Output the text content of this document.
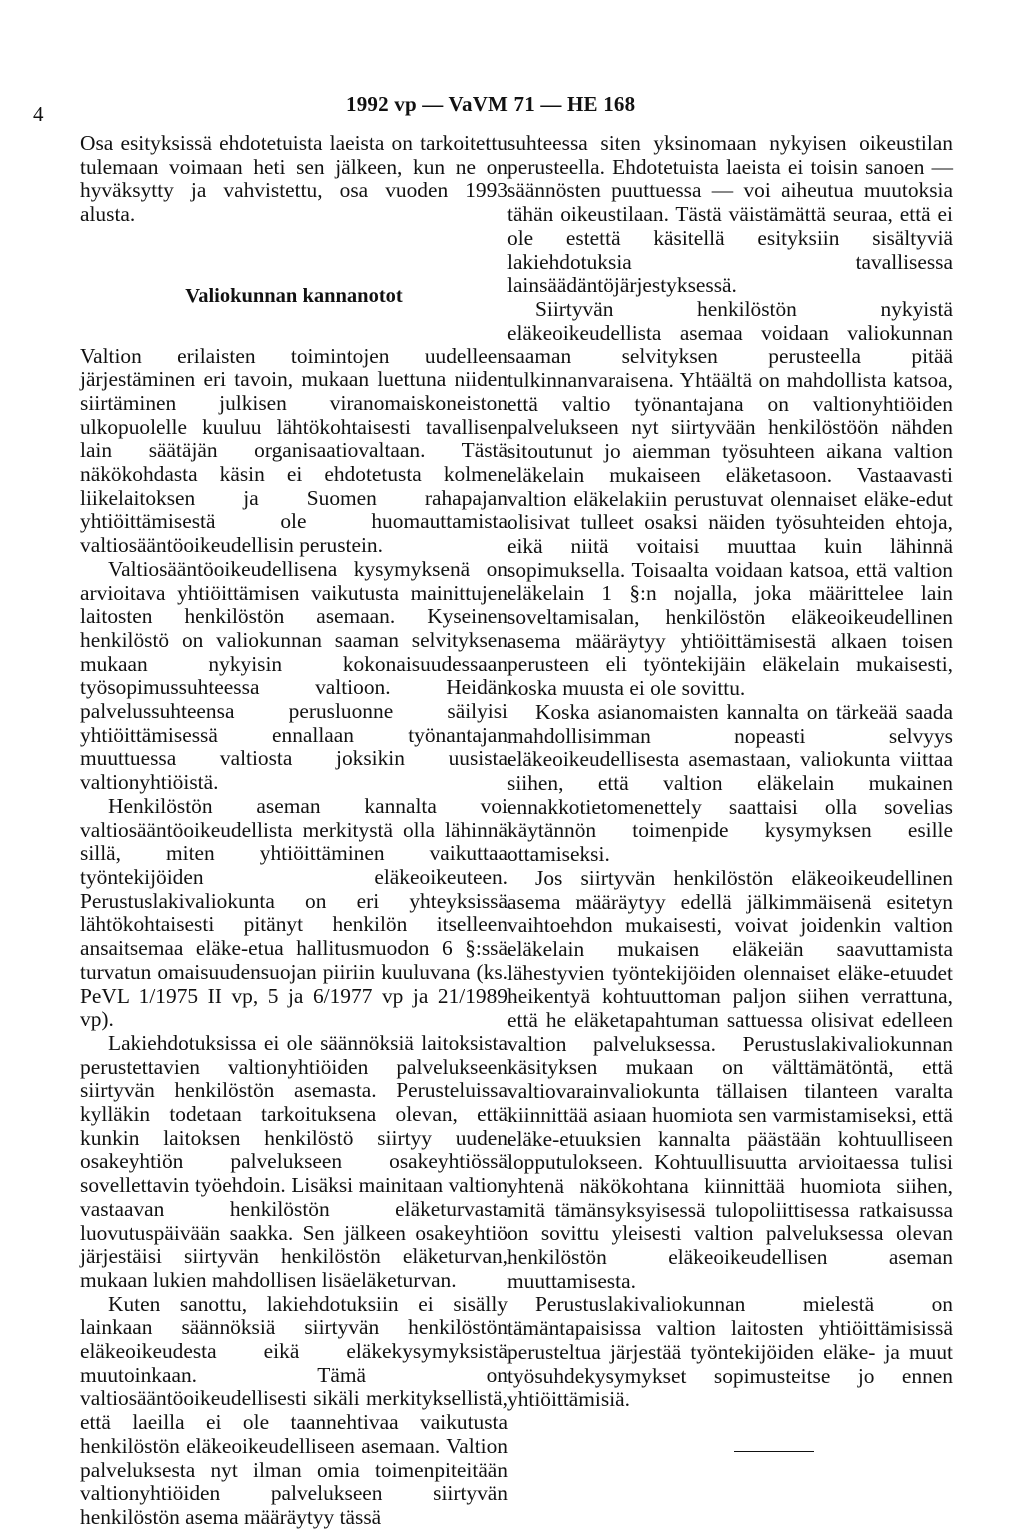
4	1992 vp — VaVM 71 — HE 168

Osa esityksissä ehdotetuista laeista on tarkoitettu tulemaan voimaan heti sen jälkeen, kun ne on hyväksytty ja vahvistettu, osa vuoden 1993 alusta.

Valiokunnan kannanotot

Valtion erilaisten toimintojen uudelleen järjestäminen eri tavoin, mukaan luettuna niiden siirtäminen julkisen viranomaiskoneiston ulkopuolelle kuuluu lähtökohtaisesti tavallisen lain säätäjän organisaatiovaltaan. Tästä näkökohdasta käsin ei ehdotetusta kolmen liikelaitoksen ja Suomen rahapajan yhtiöittämisestä ole huomauttamista valtiosääntöoikeudellisin perustein.

Valtiosääntöoikeudellisena kysymyksenä on arvioitava yhtiöittämisen vaikutusta mainittujen laitosten henkilöstön asemaan. Kyseinen henkilöstö on valiokunnan saaman selvityksen mukaan nykyisin kokonaisuudessaan työsopimussuhteessa valtioon. Heidän palvelussuhteensa perusluonne säilyisi yhtiöittämisessä ennallaan työnantajan muuttuessa valtiosta joksikin uusista valtionyhtiöistä.

Henkilöstön aseman kannalta voi valtiosääntöoikeudellista merkitystä olla lähinnä sillä, miten yhtiöittäminen vaikuttaa työntekijöiden eläkeoikeuteen. Perustuslakivaliokunta on eri yhteyksissä lähtökohtaisesti pitänyt henkilön itselleen ansaitsemaa eläke-etua hallitusmuodon 6 §:ssä turvatun omaisuudensuojan piiriin kuuluvana (ks. PeVL 1/1975 II vp, 5 ja 6/1977 vp ja 21/1989 vp).

Lakiehdotuksissa ei ole säännöksiä laitoksista perustettavien valtionyhtiöiden palvelukseen siirtyvän henkilöstön asemasta. Perusteluissa kylläkin todetaan tarkoituksena olevan, että kunkin laitoksen henkilöstö siirtyy uuden osakeyhtiön palvelukseen osakeyhtiössä sovellettavin työehdoin. Lisäksi mainitaan valtion vastaavan henkilöstön eläketurvasta luovutuspäivään saakka. Sen jälkeen osakeyhtiö järjestäisi siirtyvän henkilöstön eläketurvan, mukaan lukien mahdollisen lisäeläketurvan.

Kuten sanottu, lakiehdotuksiin ei sisälly lainkaan säännöksiä siirtyvän henkilöstön eläkeoikeudesta eikä eläkekysymyksistä muutoinkaan. Tämä on valtiosääntöoikeudellisesti sikäli merkityksellistä, että laeilla ei ole taannehtivaa vaikutusta henkilöstön eläkeoikeudelliseen asemaan. Valtion palveluksesta nyt ilman omia toimenpiteitään valtionyhtiöiden palvelukseen siirtyvän henkilöstön asema määräytyy tässä

suhteessa siten yksinomaan nykyisen oikeustilan perusteella. Ehdotetuista laeista ei toisin sanoen — säännösten puuttuessa — voi aiheutua muutoksia tähän oikeustilaan. Tästä väistämättä seuraa, että ei ole estettä käsitellä esityksiin sisältyviä lakiehdotuksia tavallisessa lainsäädäntöjärjestyksessä.

Siirtyvän henkilöstön nykyistä eläkeoikeudellista asemaa voidaan valiokunnan saaman selvityksen perusteella pitää tulkinnanvaraisena. Yhtäältä on mahdollista katsoa, että valtio työnantajana on valtionyhtiöiden palvelukseen nyt siirtyvään henkilöstöön nähden sitoutunut jo aiemman työsuhteen aikana valtion eläkelain mukaiseen eläketasoon. Vastaavasti valtion eläkelakiin perustuvat olennaiset eläke-edut olisivat tulleet osaksi näiden työsuhteiden ehtoja, eikä niitä voitaisi muuttaa kuin lähinnä sopimuksella. Toisaalta voidaan katsoa, että valtion eläkelain 1 §:n nojalla, joka määrittelee lain soveltamisalan, henkilöstön eläkeoikeudellinen asema määräytyy yhtiöittämisestä alkaen toisen perusteen eli työntekijäin eläkelain mukaisesti, koska muusta ei ole sovittu.

Koska asianomaisten kannalta on tärkeää saada mahdollisimman nopeasti selvyys eläkeoikeudellisesta asemastaan, valiokunta viittaa siihen, että valtion eläkelain mukainen ennakkotietomenettely saattaisi olla sovelias käytännön toimenpide kysymyksen esille ottamiseksi.

Jos siirtyvän henkilöstön eläkeoikeudellinen asema määräytyy edellä jälkimmäisenä esitetyn vaihtoehdon mukaisesti, voivat joidenkin valtion eläkelain mukaisen eläkeiän saavuttamista lähestyvien työntekijöiden olennaiset eläke-etuudet heikentyä kohtuuttoman paljon siihen verrattuna, että he eläketapahtuman sattuessa olisivat edelleen valtion palveluksessa. Perustuslakivaliokunnan käsityksen mukaan on välttämätöntä, että valtiovarainvaliokunta tällaisen tilanteen varalta kiinnittää asiaan huomiota sen varmistamiseksi, että eläke-etuuksien kannalta päästään kohtuulliseen lopputulokseen. Kohtuullisuutta arvioitaessa tulisi yhtenä näkökohtana kiinnittää huomiota siihen, mitä tämänsyksyisessä tulopoliittisessa ratkaisussa on sovittu yleisesti valtion palveluksessa olevan henkilöstön eläkeoikeudellisen aseman muuttamisesta.

Perustuslakivaliokunnan mielestä on tämäntapaisissa valtion laitosten yhtiöittämisissä perusteltua järjestää työntekijöiden eläke- ja muut työsuhdekysymykset sopimusteitse jo ennen yhtiöittämisiä.
